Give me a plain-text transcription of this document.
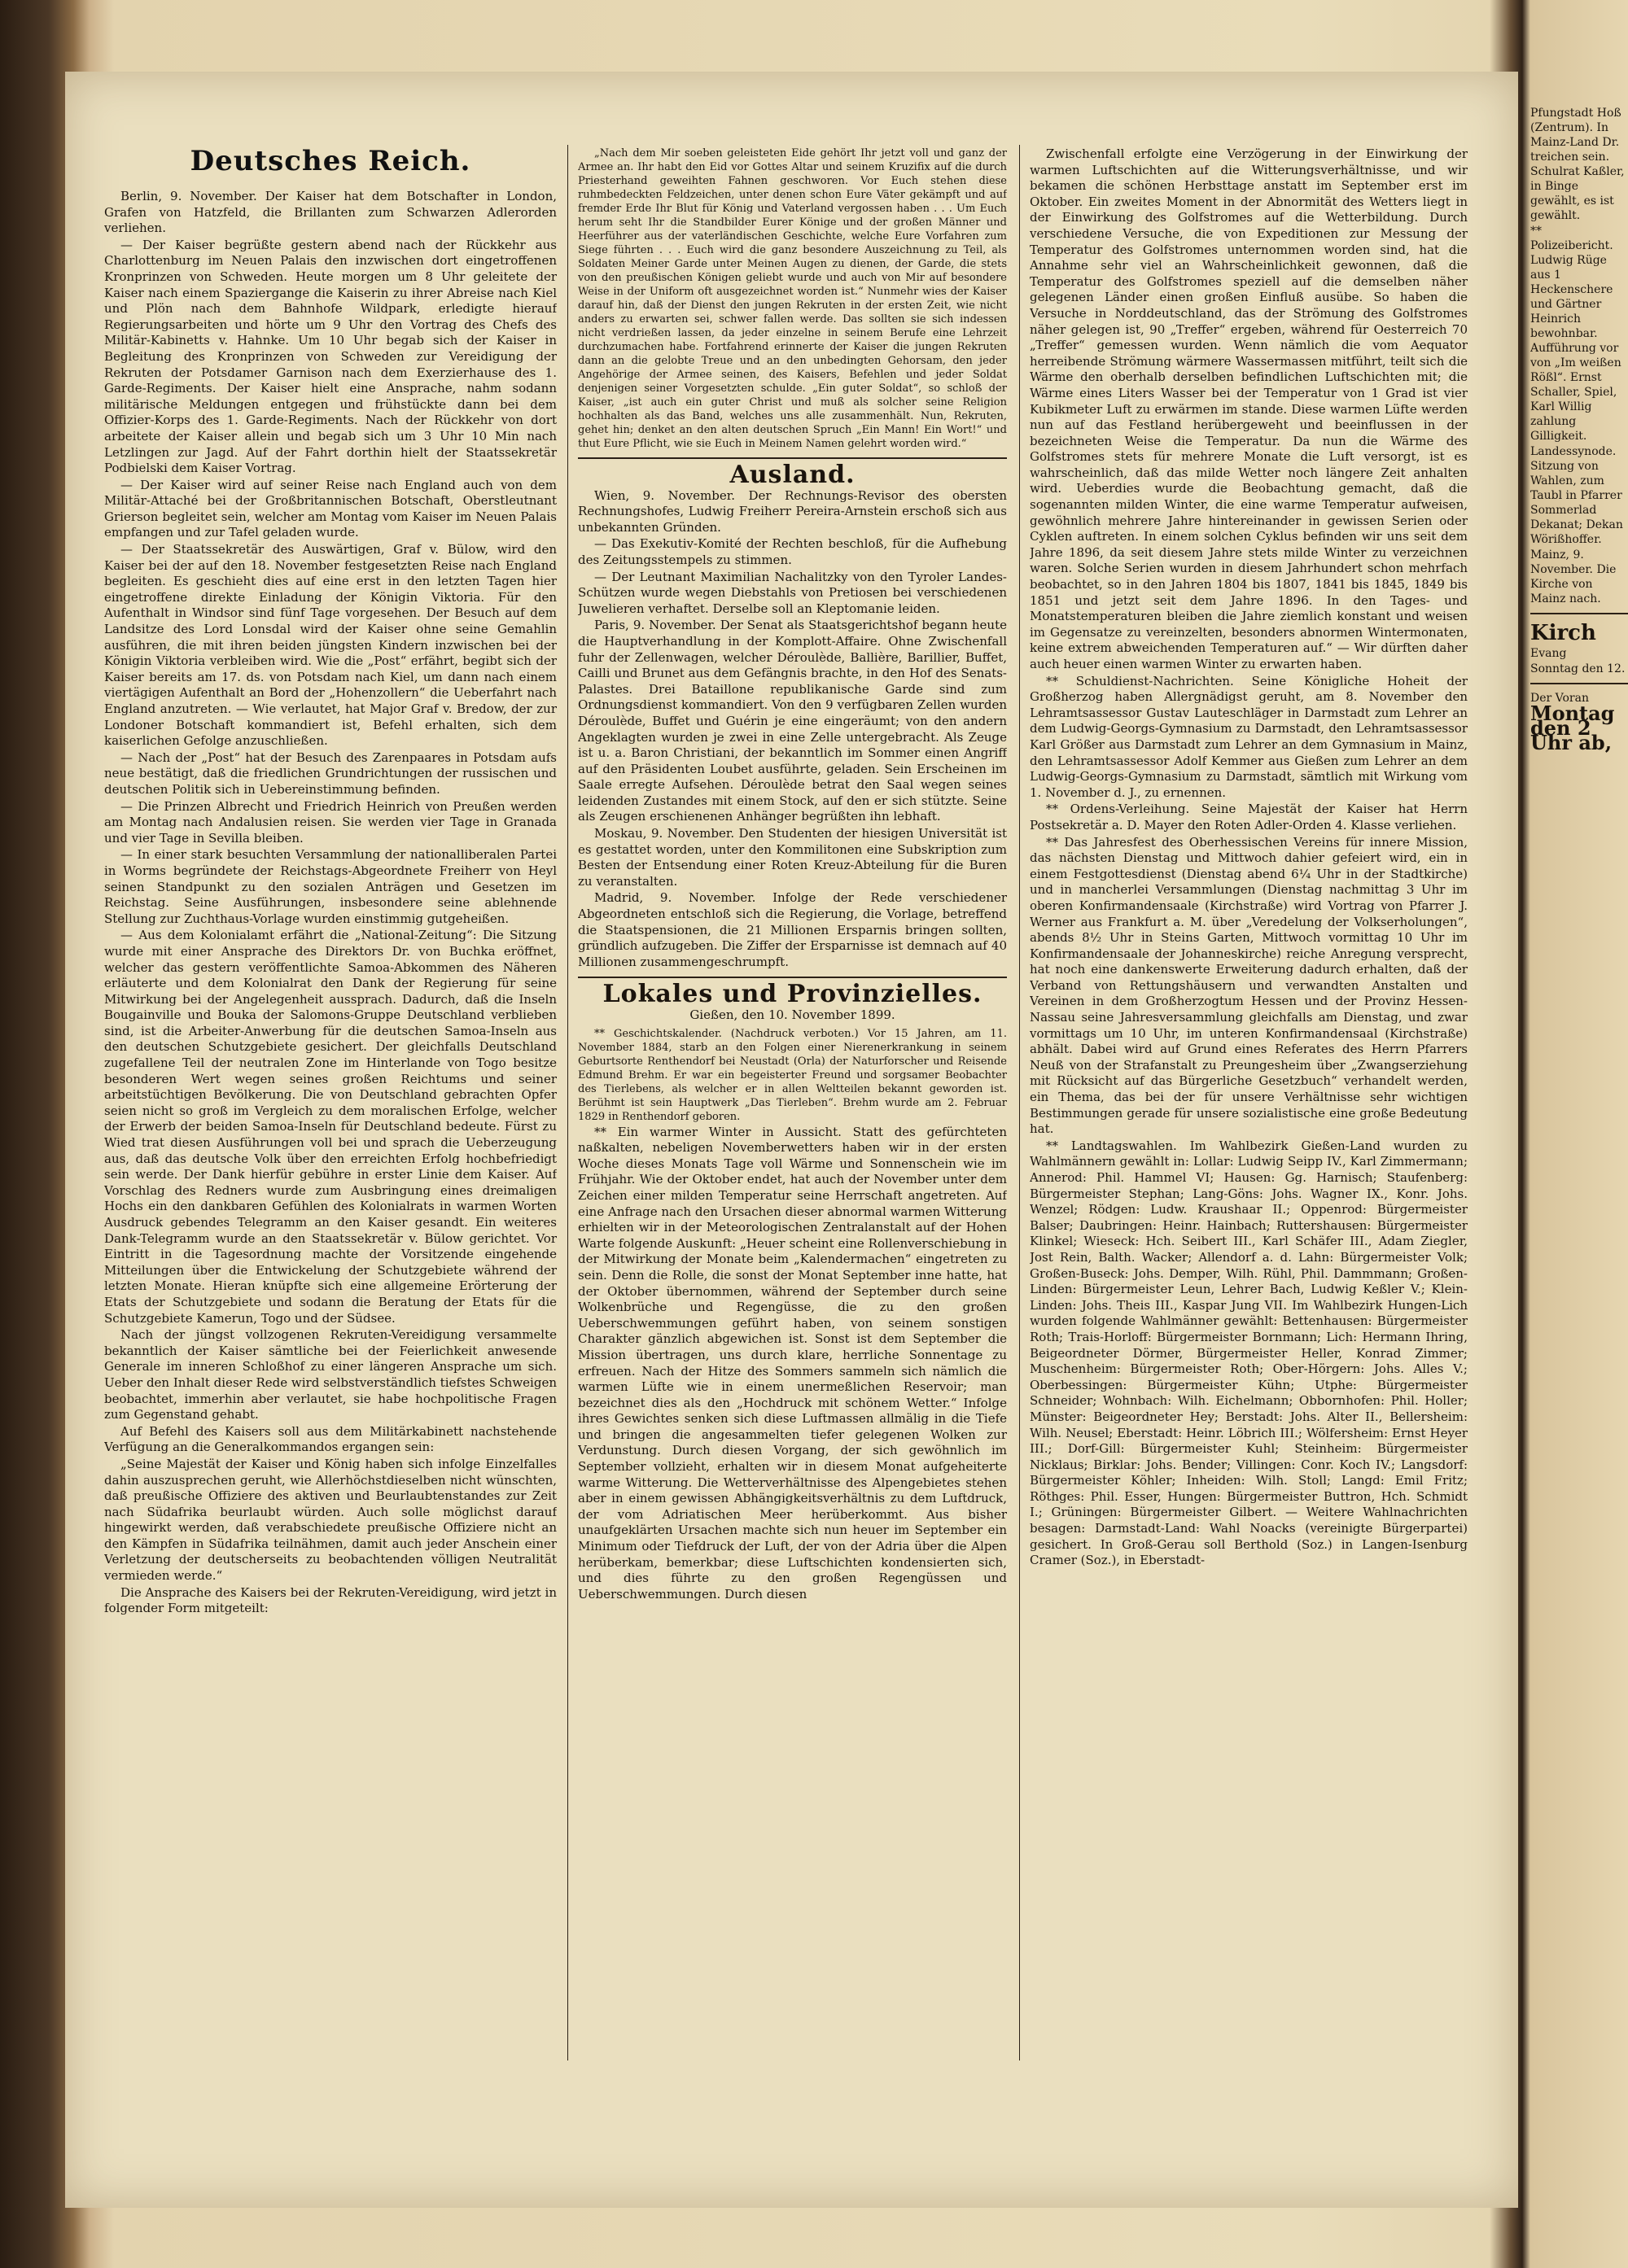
Deutsches Reich.

Berlin, 9. November. Der Kaiser hat dem Botschafter in London, Grafen von Hatzfeld, die Brillanten zum Schwarzen Adlerorden verliehen.

— Der Kaiser begrüßte gestern abend nach der Rückkehr aus Charlottenburg im Neuen Palais den inzwischen dort eingetroffenen Kronprinzen von Schweden. Heute morgen um 8 Uhr geleitete der Kaiser nach einem Spaziergange die Kaiserin zu ihrer Abreise nach Kiel und Plön nach dem Bahnhofe Wildpark, erledigte hierauf Regierungsarbeiten und hörte um 9 Uhr den Vortrag des Chefs des Militär-Kabinetts v. Hahnke. Um 10 Uhr begab sich der Kaiser in Begleitung des Kronprinzen von Schweden zur Vereidigung der Rekruten der Potsdamer Garnison nach dem Exerzierhause des 1. Garde-Regiments. Der Kaiser hielt eine Ansprache, nahm sodann militärische Meldungen entgegen und frühstückte dann bei dem Offizier-Korps des 1. Garde-Regiments. Nach der Rückkehr von dort arbeitete der Kaiser allein und begab sich um 3 Uhr 10 Min nach Letzlingen zur Jagd. Auf der Fahrt dorthin hielt der Staatssekretär Podbielski dem Kaiser Vortrag.

— Der Kaiser wird auf seiner Reise nach England auch von dem Militär-Attaché bei der Großbritannischen Botschaft, Oberstleutnant Grierson begleitet sein, welcher am Montag vom Kaiser im Neuen Palais empfangen und zur Tafel geladen wurde.

— Der Staatssekretär des Auswärtigen, Graf v. Bülow, wird den Kaiser bei der auf den 18. November festgesetzten Reise nach England begleiten. Es geschieht dies auf eine erst in den letzten Tagen hier eingetroffene direkte Einladung der Königin Viktoria. Für den Aufenthalt in Windsor sind fünf Tage vorgesehen. Der Besuch auf dem Landsitze des Lord Lonsdal wird der Kaiser ohne seine Gemahlin ausführen, die mit ihren beiden jüngsten Kindern inzwischen bei der Königin Viktoria verbleiben wird. Wie die „Post“ erfährt, begibt sich der Kaiser bereits am 17. ds. von Potsdam nach Kiel, um dann nach einem viertägigen Aufenthalt an Bord der „Hohenzollern“ die Ueberfahrt nach England anzutreten. — Wie verlautet, hat Major Graf v. Bredow, der zur Londoner Botschaft kommandiert ist, Befehl erhalten, sich dem kaiserlichen Gefolge anzuschließen.

— Nach der „Post“ hat der Besuch des Zarenpaares in Potsdam aufs neue bestätigt, daß die friedlichen Grundrichtungen der russischen und deutschen Politik sich in Uebereinstimmung befinden.

— Die Prinzen Albrecht und Friedrich Heinrich von Preußen werden am Montag nach Andalusien reisen. Sie werden vier Tage in Granada und vier Tage in Sevilla bleiben.

— In einer stark besuchten Versammlung der nationalliberalen Partei in Worms begründete der Reichstags-Abgeordnete Freiherr von Heyl seinen Standpunkt zu den sozialen Anträgen und Gesetzen im Reichstag. Seine Ausführungen, insbesondere seine ablehnende Stellung zur Zuchthaus-Vorlage wurden einstimmig gutgeheißen.

— Aus dem Kolonialamt erfährt die „National-Zeitung“: Die Sitzung wurde mit einer Ansprache des Direktors Dr. von Buchka eröffnet, welcher das gestern veröffentlichte Samoa-Abkommen des Näheren erläuterte und dem Kolonialrat den Dank der Regierung für seine Mitwirkung bei der Angelegenheit aussprach. Dadurch, daß die Inseln Bougainville und Bouka der Salomons-Gruppe Deutschland verblieben sind, ist die Arbeiter-Anwerbung für die deutschen Samoa-Inseln aus den deutschen Schutzgebiete gesichert. Der gleichfalls Deutschland zugefallene Teil der neutralen Zone im Hinterlande von Togo besitze besonderen Wert wegen seines großen Reichtums und seiner arbeitstüchtigen Bevölkerung. Die von Deutschland gebrachten Opfer seien nicht so groß im Vergleich zu dem moralischen Erfolge, welcher der Erwerb der beiden Samoa-Inseln für Deutschland bedeute. Fürst zu Wied trat diesen Ausführungen voll bei und sprach die Ueberzeugung aus, daß das deutsche Volk über den erreichten Erfolg hochbefriedigt sein werde. Der Dank hierfür gebühre in erster Linie dem Kaiser. Auf Vorschlag des Redners wurde zum Ausbringung eines dreimaligen Hochs ein den dankbaren Gefühlen des Kolonialrats in warmen Worten Ausdruck gebendes Telegramm an den Kaiser gesandt. Ein weiteres Dank-Telegramm wurde an den Staatssekretär v. Bülow gerichtet. Vor Eintritt in die Tagesordnung machte der Vorsitzende eingehende Mitteilungen über die Entwickelung der Schutzgebiete während der letzten Monate. Hieran knüpfte sich eine allgemeine Erörterung der Etats der Schutzgebiete und sodann die Beratung der Etats für die Schutzgebiete Kamerun, Togo und der Südsee.

Nach der jüngst vollzogenen Rekruten-Vereidigung versammelte bekanntlich der Kaiser sämtliche bei der Feierlichkeit anwesende Generale im inneren Schloßhof zu einer längeren Ansprache um sich. Ueber den Inhalt dieser Rede wird selbstverständlich tiefstes Schweigen beobachtet, immerhin aber verlautet, sie habe hochpolitische Fragen zum Gegenstand gehabt.

Auf Befehl des Kaisers soll aus dem Militärkabinett nachstehende Verfügung an die Generalkommandos ergangen sein:

„Seine Majestät der Kaiser und König haben sich infolge Einzelfalles dahin auszusprechen geruht, wie Allerhöchstdieselben nicht wünschten, daß preußische Offiziere des aktiven und Beurlaubtenstandes zur Zeit nach Südafrika beurlaubt würden. Auch solle möglichst darauf hingewirkt werden, daß verabschiedete preußische Offiziere nicht an den Kämpfen in Südafrika teilnähmen, damit auch jeder Anschein einer Verletzung der deutscherseits zu beobachtenden völligen Neutralität vermieden werde.“

Die Ansprache des Kaisers bei der Rekruten-Vereidigung, wird jetzt in folgender Form mitgeteilt:

„Nach dem Mir soeben geleisteten Eide gehört Ihr jetzt voll und ganz der Armee an. Ihr habt den Eid vor Gottes Altar und seinem Kruzifix auf die durch Priesterhand geweihten Fahnen geschworen. Vor Euch stehen diese ruhmbedeckten Feldzeichen, unter denen schon Eure Väter gekämpft und auf fremder Erde Ihr Blut für König und Vaterland vergossen haben . . . Um Euch herum seht Ihr die Standbilder Eurer Könige und der großen Männer und Heerführer aus der vaterländischen Geschichte, welche Eure Vorfahren zum Siege führten . . . Euch wird die ganz besondere Auszeichnung zu Teil, als Soldaten Meiner Garde unter Meinen Augen zu dienen, der Garde, die stets von den preußischen Königen geliebt wurde und auch von Mir auf besondere Weise in der Uniform oft ausgezeichnet worden ist.“ Nunmehr wies der Kaiser darauf hin, daß der Dienst den jungen Rekruten in der ersten Zeit, wie nicht anders zu erwarten sei, schwer fallen werde. Das sollten sie sich indessen nicht verdrießen lassen, da jeder einzelne in seinem Berufe eine Lehrzeit durchzumachen habe. Fortfahrend erinnerte der Kaiser die jungen Rekruten dann an die gelobte Treue und an den unbedingten Gehorsam, den jeder Angehörige der Armee seinen, des Kaisers, Befehlen und jeder Soldat denjenigen seiner Vorgesetzten schulde. „Ein guter Soldat“, so schloß der Kaiser, „ist auch ein guter Christ und muß als solcher seine Religion hochhalten als das Band, welches uns alle zusammenhält. Nun, Rekruten, gehet hin; denket an den alten deutschen Spruch „Ein Mann! Ein Wort!“ und thut Eure Pflicht, wie sie Euch in Meinem Namen gelehrt worden wird.“

Ausland.

Wien, 9. November. Der Rechnungs-Revisor des obersten Rechnungshofes, Ludwig Freiherr Pereira-Arnstein erschoß sich aus unbekannten Gründen.

— Das Exekutiv-Komité der Rechten beschloß, für die Aufhebung des Zeitungsstempels zu stimmen.

— Der Leutnant Maximilian Nachalitzky von den Tyroler Landes-Schützen wurde wegen Diebstahls von Pretiosen bei verschiedenen Juwelieren verhaftet. Derselbe soll an Kleptomanie leiden.

Paris, 9. November. Der Senat als Staatsgerichtshof begann heute die Hauptverhandlung in der Komplott-Affaire. Ohne Zwischenfall fuhr der Zellenwagen, welcher Déroulède, Ballière, Barillier, Buffet, Cailli und Brunet aus dem Gefängnis brachte, in den Hof des Senats-Palastes. Drei Bataillone republikanische Garde sind zum Ordnungsdienst kommandiert. Von den 9 verfügbaren Zellen wurden Déroulède, Buffet und Guérin je eine eingeräumt; von den andern Angeklagten wurden je zwei in eine Zelle untergebracht. Als Zeuge ist u. a. Baron Christiani, der bekanntlich im Sommer einen Angriff auf den Präsidenten Loubet ausführte, geladen. Sein Erscheinen im Saale erregte Aufsehen. Déroulède betrat den Saal wegen seines leidenden Zustandes mit einem Stock, auf den er sich stützte. Seine als Zeugen erschienenen Anhänger begrüßten ihn lebhaft.

Moskau, 9. November. Den Studenten der hiesigen Universität ist es gestattet worden, unter den Kommilitonen eine Subskription zum Besten der Entsendung einer Roten Kreuz-Abteilung für die Buren zu veranstalten.

Madrid, 9. November. Infolge der Rede verschiedener Abgeordneten entschloß sich die Regierung, die Vorlage, betreffend die Staatspensionen, die 21 Millionen Ersparnis bringen sollten, gründlich aufzugeben. Die Ziffer der Ersparnisse ist demnach auf 40 Millionen zusammengeschrumpft.

Lokales und Provinzielles.

Gießen, den 10. November 1899.

** Geschichtskalender. (Nachdruck verboten.) Vor 15 Jahren, am 11. November 1884, starb an den Folgen einer Nierenerkrankung in seinem Geburtsorte Renthendorf bei Neustadt (Orla) der Naturforscher und Reisende Edmund Brehm. Er war ein begeisterter Freund und sorgsamer Beobachter des Tierlebens, als welcher er in allen Weltteilen bekannt geworden ist. Berühmt ist sein Hauptwerk „Das Tierleben“. Brehm wurde am 2. Februar 1829 in Renthendorf geboren.

** Ein warmer Winter in Aussicht. Statt des gefürchteten naßkalten, nebeligen Novemberwetters haben wir in der ersten Woche dieses Monats Tage voll Wärme und Sonnenschein wie im Frühjahr. Wie der Oktober endet, hat auch der November unter dem Zeichen einer milden Temperatur seine Herrschaft angetreten. Auf eine Anfrage nach den Ursachen dieser abnormal warmen Witterung erhielten wir in der Meteorologischen Zentralanstalt auf der Hohen Warte folgende Auskunft: „Heuer scheint eine Rollenverschiebung in der Mitwirkung der Monate beim „Kalendermachen“ eingetreten zu sein. Denn die Rolle, die sonst der Monat September inne hatte, hat der Oktober übernommen, während der September durch seine Wolkenbrüche und Regengüsse, die zu den großen Ueberschwemmungen geführt haben, von seinem sonstigen Charakter gänzlich abgewichen ist. Sonst ist dem September die Mission übertragen, uns durch klare, herrliche Sonnentage zu erfreuen. Nach der Hitze des Sommers sammeln sich nämlich die warmen Lüfte wie in einem unermeßlichen Reservoir; man bezeichnet dies als den „Hochdruck mit schönem Wetter.“ Infolge ihres Gewichtes senken sich diese Luftmassen allmälig in die Tiefe und bringen die angesammelten tiefer gelegenen Wolken zur Verdunstung. Durch diesen Vorgang, der sich gewöhnlich im September vollzieht, erhalten wir in diesem Monat aufgeheiterte warme Witterung. Die Wetterverhältnisse des Alpengebietes stehen aber in einem gewissen Abhängigkeitsverhältnis zu dem Luftdruck, der vom Adriatischen Meer herüberkommt. Aus bisher unaufgeklärten Ursachen machte sich nun heuer im September ein Minimum oder Tiefdruck der Luft, der von der Adria über die Alpen herüberkam, bemerkbar; diese Luftschichten kondensierten sich, und dies führte zu den großen Regengüssen und Ueberschwemmungen. Durch diesen

Zwischenfall erfolgte eine Verzögerung in der Einwirkung der warmen Luftschichten auf die Witterungsverhältnisse, und wir bekamen die schönen Herbsttage anstatt im September erst im Oktober. Ein zweites Moment in der Abnormität des Wetters liegt in der Einwirkung des Golfstromes auf die Wetterbildung. Durch verschiedene Versuche, die von Expeditionen zur Messung der Temperatur des Golfstromes unternommen worden sind, hat die Annahme sehr viel an Wahrscheinlichkeit gewonnen, daß die Temperatur des Golfstromes speziell auf die demselben näher gelegenen Länder einen großen Einfluß ausübe. So haben die Versuche in Norddeutschland, das der Strömung des Golfstromes näher gelegen ist, 90 „Treffer“ ergeben, während für Oesterreich 70 „Treffer“ gemessen wurden. Wenn nämlich die vom Aequator herreibende Strömung wärmere Wassermassen mitführt, teilt sich die Wärme den oberhalb derselben befindlichen Luftschichten mit; die Wärme eines Liters Wasser bei der Temperatur von 1 Grad ist vier Kubikmeter Luft zu erwärmen im stande. Diese warmen Lüfte werden nun auf das Festland herübergeweht und beeinflussen in der bezeichneten Weise die Temperatur. Da nun die Wärme des Golfstromes stets für mehrere Monate die Luft versorgt, ist es wahrscheinlich, daß das milde Wetter noch längere Zeit anhalten wird. Ueberdies wurde die Beobachtung gemacht, daß die sogenannten milden Winter, die eine warme Temperatur aufweisen, gewöhnlich mehrere Jahre hintereinander in gewissen Serien oder Cyklen auftreten. In einem solchen Cyklus befinden wir uns seit dem Jahre 1896, da seit diesem Jahre stets milde Winter zu verzeichnen waren. Solche Serien wurden in diesem Jahrhundert schon mehrfach beobachtet, so in den Jahren 1804 bis 1807, 1841 bis 1845, 1849 bis 1851 und jetzt seit dem Jahre 1896. In den Tages- und Monatstemperaturen bleiben die Jahre ziemlich konstant und weisen im Gegensatze zu vereinzelten, besonders abnormen Wintermonaten, keine extrem abweichenden Temperaturen auf.“ — Wir dürften daher auch heuer einen warmen Winter zu erwarten haben.

** Schuldienst-Nachrichten. Seine Königliche Hoheit der Großherzog haben Allergnädigst geruht, am 8. November den Lehramtsassessor Gustav Lauteschläger in Darmstadt zum Lehrer an dem Ludwig-Georgs-Gymnasium zu Darmstadt, den Lehramtsassessor Karl Größer aus Darmstadt zum Lehrer an dem Gymnasium in Mainz, den Lehramtsassessor Adolf Kemmer aus Gießen zum Lehrer an dem Ludwig-Georgs-Gymnasium zu Darmstadt, sämtlich mit Wirkung vom 1. November d. J., zu ernennen.

** Ordens-Verleihung. Seine Majestät der Kaiser hat Herrn Postsekretär a. D. Mayer den Roten Adler-Orden 4. Klasse verliehen.

** Das Jahresfest des Oberhessischen Vereins für innere Mission, das nächsten Dienstag und Mittwoch dahier gefeiert wird, ein in einem Festgottesdienst (Dienstag abend 6¼ Uhr in der Stadtkirche) und in mancherlei Versammlungen (Dienstag nachmittag 3 Uhr im oberen Konfirmandensaale (Kirchstraße) wird Vortrag von Pfarrer J. Werner aus Frankfurt a. M. über „Veredelung der Volkserholungen“, abends 8½ Uhr in Steins Garten, Mittwoch vormittag 10 Uhr im Konfirmandensaale der Johanneskirche) reiche Anregung versprecht, hat noch eine dankenswerte Erweiterung dadurch erhalten, daß der Verband von Rettungshäusern und verwandten Anstalten und Vereinen in dem Großherzogtum Hessen und der Provinz Hessen-Nassau seine Jahresversammlung gleichfalls am Dienstag, und zwar vormittags um 10 Uhr, im unteren Konfirmandensaal (Kirchstraße) abhält. Dabei wird auf Grund eines Referates des Herrn Pfarrers Neuß von der Strafanstalt zu Preungesheim über „Zwangserziehung mit Rücksicht auf das Bürgerliche Gesetzbuch“ verhandelt werden, ein Thema, das bei der für unsere Verhältnisse sehr wichtigen Bestimmungen gerade für unsere sozialistische eine große Bedeutung hat.

** Landtagswahlen. Im Wahlbezirk Gießen-Land wurden zu Wahlmännern gewählt in: Lollar: Ludwig Seipp IV., Karl Zimmermann; Annerod: Phil. Hammel VI; Hausen: Gg. Harnisch; Staufenberg: Bürgermeister Stephan; Lang-Göns: Johs. Wagner IX., Konr. Johs. Wenzel; Rödgen: Ludw. Kraushaar II.; Oppenrod: Bürgermeister Balser; Daubringen: Heinr. Hainbach; Ruttershausen: Bürgermeister Klinkel; Wieseck: Hch. Seibert III., Karl Schäfer III., Adam Ziegler, Jost Rein, Balth. Wacker; Allendorf a. d. Lahn: Bürgermeister Volk; Großen-Buseck: Johs. Demper, Wilh. Rühl, Phil. Dammmann; Großen-Linden: Bürgermeister Leun, Lehrer Bach, Ludwig Keßler V.; Klein-Linden: Johs. Theis III., Kaspar Jung VII. Im Wahlbezirk Hungen-Lich wurden folgende Wahlmänner gewählt: Bettenhausen: Bürgermeister Roth; Trais-Horloff: Bürgermeister Bornmann; Lich: Hermann Ihring, Beigeordneter Dörmer, Bürgermeister Heller, Konrad Zimmer; Muschenheim: Bürgermeister Roth; Ober-Hörgern: Johs. Alles V.; Oberbessingen: Bürgermeister Kühn; Utphe: Bürgermeister Schneider; Wohnbach: Wilh. Eichelmann; Obbornhofen: Phil. Holler; Münster: Beigeordneter Hey; Berstadt: Johs. Alter II., Bellersheim: Wilh. Neusel; Eberstadt: Heinr. Löbrich III.; Wölfersheim: Ernst Heyer III.; Dorf-Gill: Bürgermeister Kuhl; Steinheim: Bürgermeister Nicklaus; Birklar: Johs. Bender; Villingen: Conr. Koch IV.; Langsdorf: Bürgermeister Köhler; Inheiden: Wilh. Stoll; Langd: Emil Fritz; Röthges: Phil. Esser, Hungen: Bürgermeister Buttron, Hch. Schmidt I.; Grüningen: Bürgermeister Gilbert. — Weitere Wahlnachrichten besagen: Darmstadt-Land: Wahl Noacks (vereinigte Bürgerpartei) gesichert. In Groß-Gerau soll Berthold (Soz.) in Langen-Isenburg Cramer (Soz.), in Eberstadt-

Pfungstadt Hoß (Zentrum). In Mainz-Land Dr. treichen sein. Schulrat Kaßler, in Binge gewählt, es ist gewählt.

** Polizeibericht. Ludwig Rüge aus 1 Heckenschere und Gärtner Heinrich bewohnbar. Aufführung vor von „Im weißen Rößl“. Ernst Schaller, Spiel, Karl Willig zahlung Gilligkeit.

Landessynode. Sitzung von Wahlen, zum Taubl in Pfarrer Sommerlad Dekanat; Dekan Wörißhoffer.

Mainz, 9. November. Die Kirche von Mainz nach.

Kirch

Evang

Sonntag den 12.

Der Voran

Montag den 2 Uhr ab,
